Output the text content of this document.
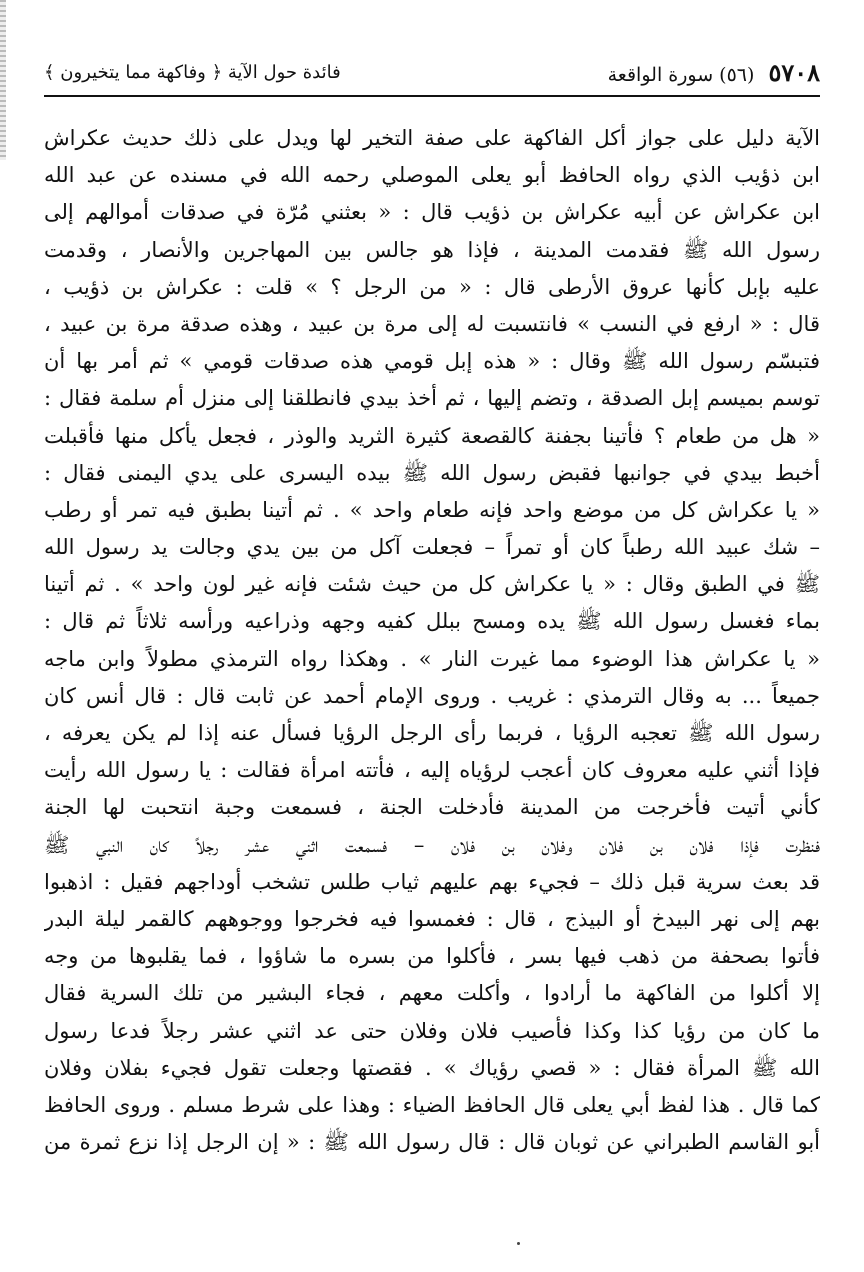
٥٧٠٨
(٥٦) سورة الواقعة
فائدة حول الآية ﴿ وفاكهة مما يتخيرون ﴾
الآية دليل على جواز أكل الفاكهة على صفة التخير لها ويدل على ذلك حديث عكراش
ابن ذؤيب الذي رواه الحافظ أبو يعلى الموصلي رحمه الله في مسنده عن عبد الله
ابن عكراش عن أبيه عكراش بن ذؤيب قال : « بعثني مُرّة في صدقات أموالهم إلى
رسول الله ﷺ فقدمت المدينة ، فإذا هو جالس بين المهاجرين والأنصار ، وقدمت
عليه بإبل كأنها عروق الأرطى قال : « من الرجل ؟ » قلت : عكراش بن ذؤيب ،
قال : « ارفع في النسب » فانتسبت له إلى مرة بن عبيد ، وهذه صدقة مرة بن عبيد ،
فتبسّم رسول الله ﷺ وقال : « هذه إبل قومي هذه صدقات قومي » ثم أمر بها أن
توسم بميسم إبل الصدقة ، وتضم إليها ، ثم أخذ بيدي فانطلقنا إلى منزل أم سلمة فقال :
« هل من طعام ؟ فأتينا بجفنة كالقصعة كثيرة الثريد والوذر ، فجعل يأكل منها فأقبلت
أخبط بيدي في جوانبها فقبض رسول الله ﷺ بيده اليسرى على يدي اليمنى فقال :
« يا عكراش كل من موضع واحد فإنه طعام واحد » . ثم أتينا بطبق فيه تمر أو رطب
– شك عبيد الله رطباً كان أو تمراً – فجعلت آكل من بين يدي وجالت يد رسول الله
ﷺ في الطبق وقال : « يا عكراش كل من حيث شئت فإنه غير لون واحد » . ثم أتينا
بماء فغسل رسول الله ﷺ يده ومسح ببلل كفيه وجهه وذراعيه ورأسه ثلاثاً ثم قال :
« يا عكراش هذا الوضوء مما غيرت النار » . وهكذا رواه الترمذي مطولاً وابن ماجه
جميعاً ... به وقال الترمذي : غريب . وروى الإمام أحمد عن ثابت قال : قال أنس كان
رسول الله ﷺ تعجبه الرؤيا ، فربما رأى الرجل الرؤيا فسأل عنه إذا لم يكن يعرفه ،
فإذا أثني عليه معروف كان أعجب لرؤياه إليه ، فأتته امرأة فقالت : يا رسول الله رأيت
كأني أتيت فأخرجت من المدينة فأدخلت الجنة ، فسمعت وجبة انتحبت لها الجنة
فنظرت فإذا فلان بن فلان وفلان بن فلان – فسمعت اثني عشر رجلاً كان النبي ﷺ
قد بعث سرية قبل ذلك – فجيء بهم عليهم ثياب طلس تشخب أوداجهم فقيل : اذهبوا
بهم إلى نهر البيدخ أو البيذج ، قال : فغمسوا فيه فخرجوا ووجوههم كالقمر ليلة البدر
فأتوا بصحفة من ذهب فيها بسر ، فأكلوا من بسره ما شاؤوا ، فما يقلبوها من وجه
إلا أكلوا من الفاكهة ما أرادوا ، وأكلت معهم ، فجاء البشير من تلك السرية فقال
ما كان من رؤيا كذا وكذا فأصيب فلان وفلان حتى عد اثني عشر رجلاً فدعا رسول
الله ﷺ المرأة فقال : « قصي رؤياك » . فقصتها وجعلت تقول فجيء بفلان وفلان
كما قال . هذا لفظ أبي يعلى قال الحافظ الضياء : وهذا على شرط مسلم . وروى الحافظ
أبو القاسم الطبراني عن ثوبان قال : قال رسول الله ﷺ : « إن الرجل إذا نزع ثمرة من
